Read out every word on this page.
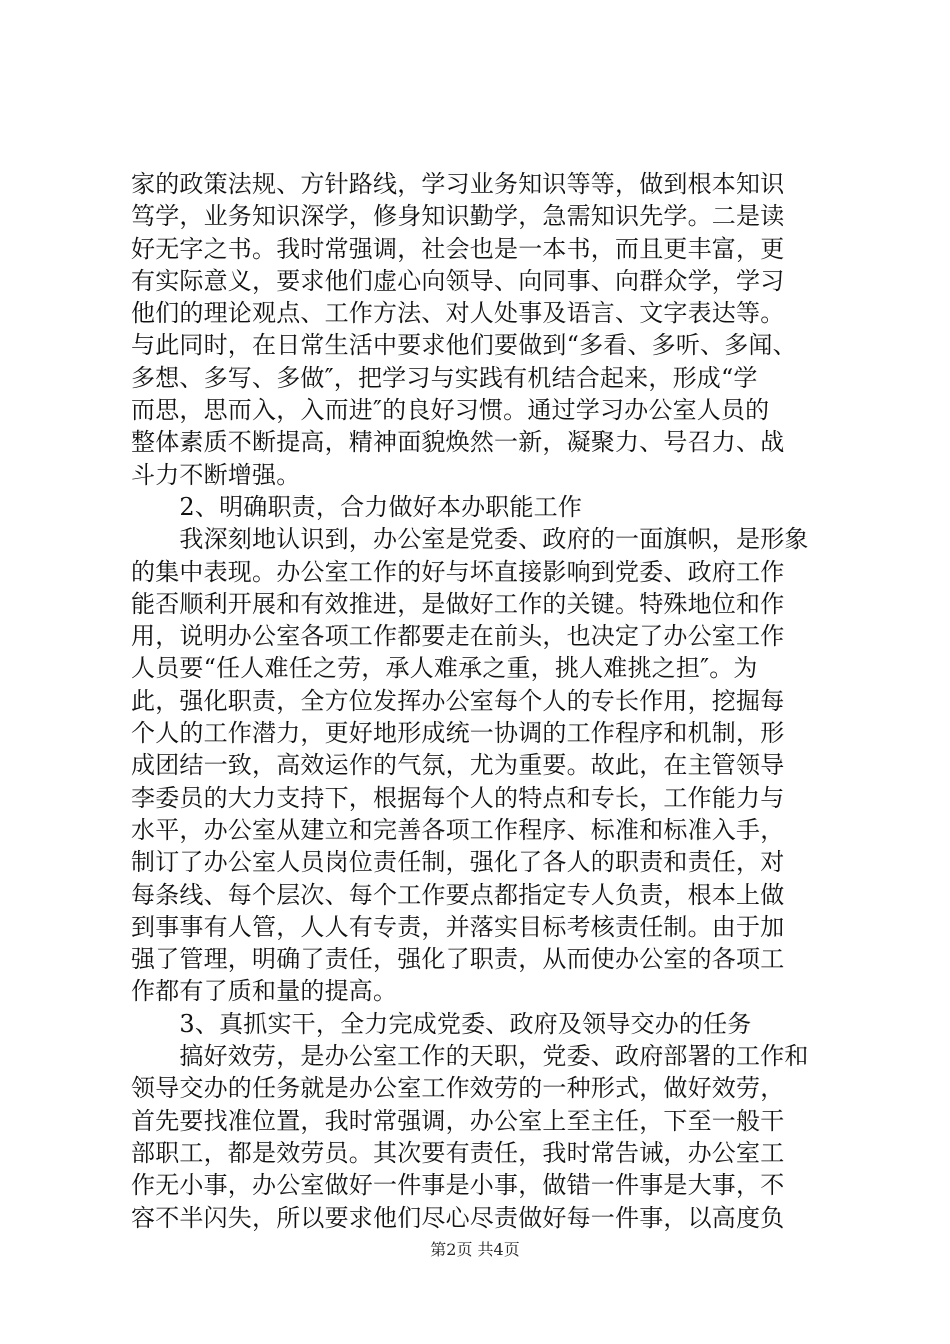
家的政策法规、方针路线，学习业务知识等等，做到根本知识
笃学，业务知识深学，修身知识勤学，急需知识先学。二是读
好无字之书。我时常强调，社会也是一本书，而且更丰富，更
有实际意义，要求他们虚心向领导、向同事、向群众学，学习
他们的理论观点、工作方法、对人处事及语言、文字表达等。
与此同时，在日常生活中要求他们要做到“多看、多听、多闻、
多想、多写、多做″，把学习与实践有机结合起来，形成“学
而思，思而入，入而进″的良好习惯。通过学习办公室人员的
整体素质不断提高，精神面貌焕然一新，凝聚力、号召力、战
斗力不断增强。
　　2、明确职责，合力做好本办职能工作
　　我深刻地认识到，办公室是党委、政府的一面旗帜，是形象
的集中表现。办公室工作的好与坏直接影响到党委、政府工作
能否顺利开展和有效推进，是做好工作的关键。特殊地位和作
用，说明办公室各项工作都要走在前头，也决定了办公室工作
人员要“任人难任之劳，承人难承之重，挑人难挑之担″。为
此，强化职责，全方位发挥办公室每个人的专长作用，挖掘每
个人的工作潜力，更好地形成统一协调的工作程序和机制，形
成团结一致，高效运作的气氛，尤为重要。故此，在主管领导
李委员的大力支持下，根据每个人的特点和专长，工作能力与
水平，办公室从建立和完善各项工作程序、标准和标准入手，
制订了办公室人员岗位责任制，强化了各人的职责和责任，对
每条线、每个层次、每个工作要点都指定专人负责，根本上做
到事事有人管，人人有专责，并落实目标考核责任制。由于加
强了管理，明确了责任，强化了职责，从而使办公室的各项工
作都有了质和量的提高。
　　3、真抓实干，全力完成党委、政府及领导交办的任务
　　搞好效劳，是办公室工作的天职，党委、政府部署的工作和
领导交办的任务就是办公室工作效劳的一种形式，做好效劳，
首先要找准位置，我时常强调，办公室上至主任，下至一般干
部职工，都是效劳员。其次要有责任，我时常告诫，办公室工
作无小事，办公室做好一件事是小事，做错一件事是大事，不
容不半闪失，所以要求他们尽心尽责做好每一件事，以高度负
第2页 共4页
